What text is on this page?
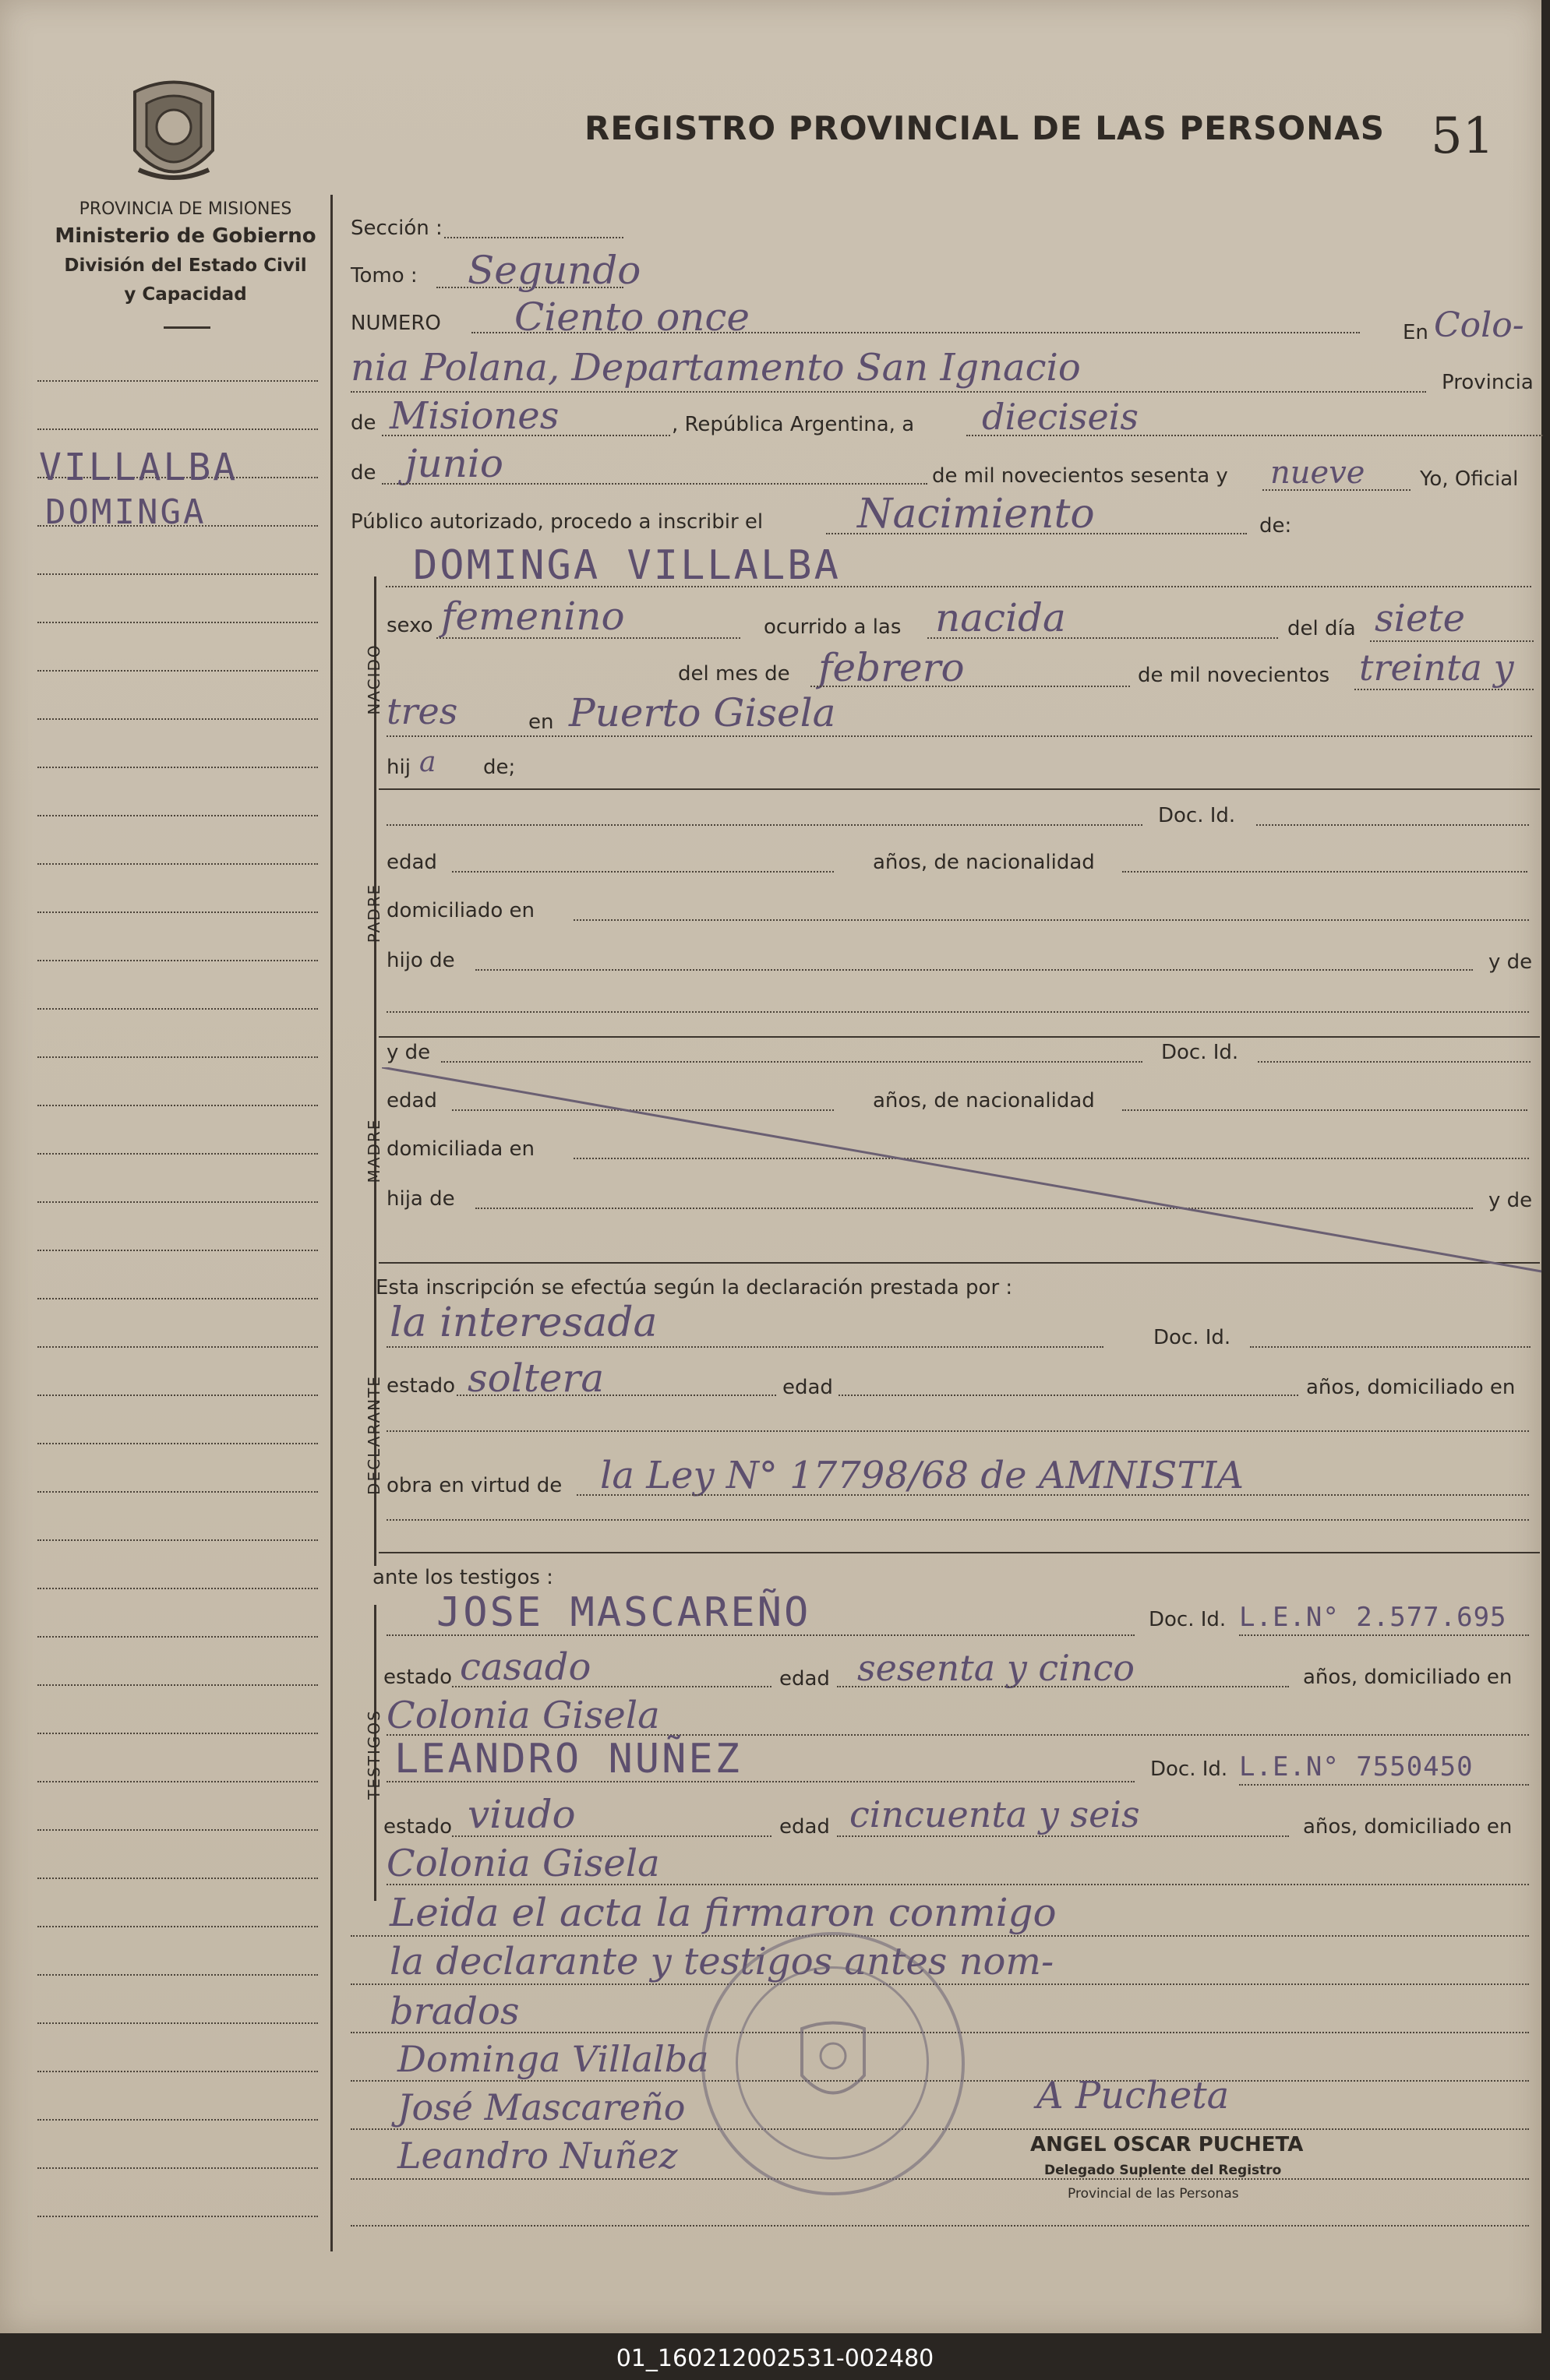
PROVINCIA DE MISIONES
Ministerio de Gobierno
División del Estado Civil
y Capacidad
REGISTRO PROVINCIAL DE LAS PERSONAS 51
VILLALBA
DOMINGA
Sección :
Tomo : Segundo
NUMERO Ciento once	En Colo-
nia Polana, Departamento San Ignacio	Provincia
de Misiones	, República Argentina, a dieciseis
de junio	de mil novecientos sesenta y nueve	Yo, Oficial
Público autorizado, procedo a inscribir el Nacimiento	de:
NACIDO
DOMINGA VILLALBA
sexo femenino	ocurrido a las nacida	del día siete
del mes de febrero	de mil novecientos treinta y
tres	en Puerto Gisela
hij a de;
PADRE
Doc. Id.
edad	años, de nacionalidad
domiciliado en
hijo de	y de
MADRE
y de	Doc. Id.
edad	años, de nacionalidad
domiciliada en
hija de	y de
Esta inscripción se efectúa según la declaración prestada por :
DECLARANTE
la interesada	Doc. Id.
estado soltera	edad	años, domiciliado en
obra en virtud de la Ley N° 17798/68 de AMNISTIA
ante los testigos :
TESTIGOS
JOSE MASCAREÑO	Doc. Id. L.E.N° 2.577.695
estado casado	edad sesenta y cinco	años, domiciliado en
Colonia Gisela
LEANDRO NUÑEZ	Doc. Id. L.E.N° 7550450
estado viudo	edad cincuenta y seis	años, domiciliado en
Colonia Gisela
Leida el acta la firmaron conmigo
la declarante y testigos antes nom-
brados
Dominga Villalba
José Mascareño
Leandro Nuñez
A Pucheta
ANGEL OSCAR PUCHETA
Delegado Suplente del Registro
Provincial de las Personas
01_160212002531-002480
